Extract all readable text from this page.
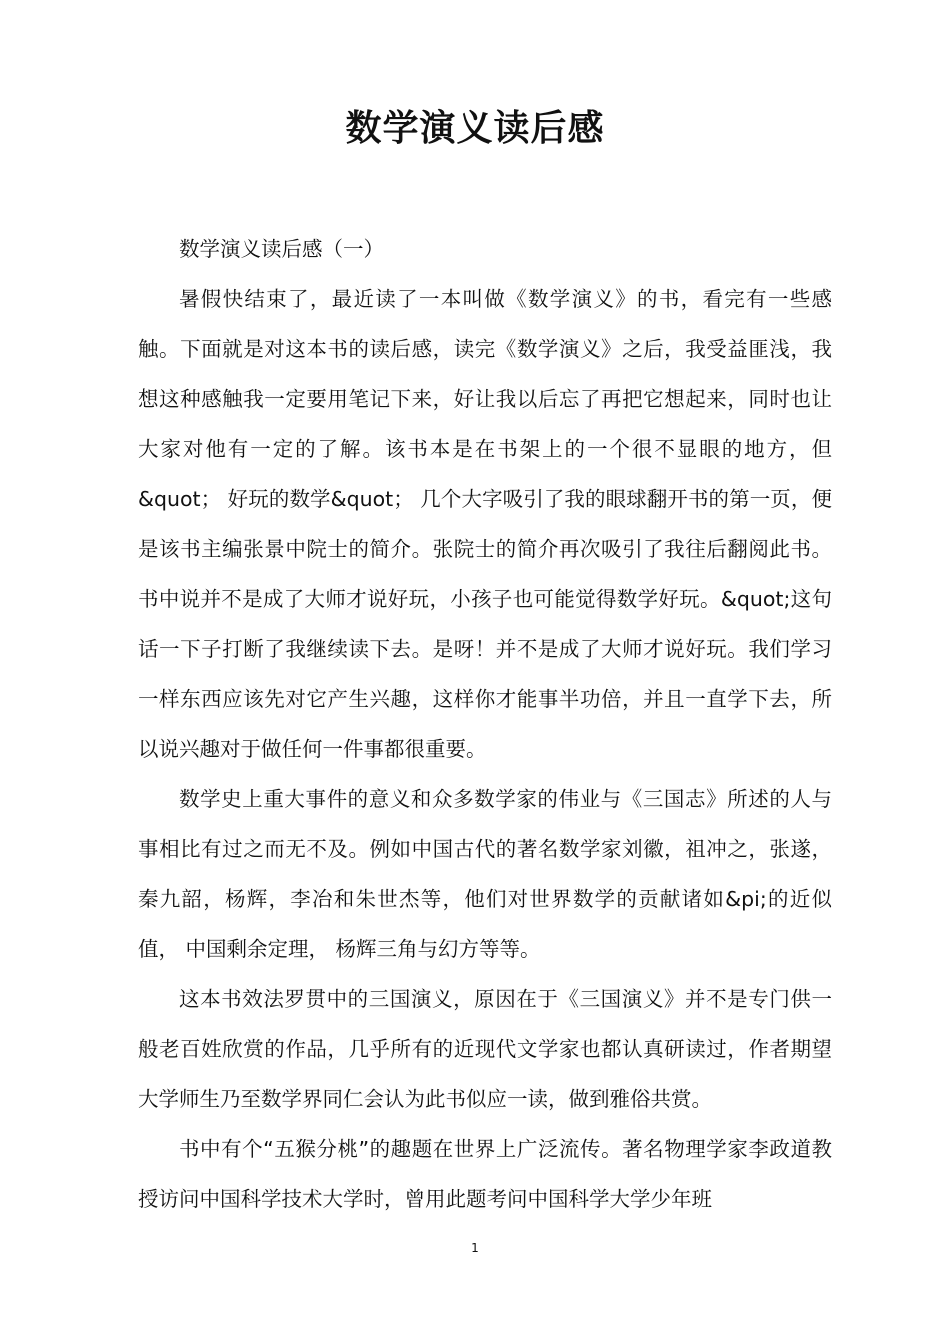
数学演义读后感

数学演义读后感（一）

暑假快结束了，最近读了一本叫做《数学演义》的书，看完有一些感触。下面就是对这本书的读后感，读完《数学演义》之后，我受益匪浅，我想这种感触我一定要用笔记下来，好让我以后忘了再把它想起来，同时也让大家对他有一定的了解。该书本是在书架上的一个很不显眼的地方，但&quot； 好玩的数学&quot； 几个大字吸引了我的眼球翻开书的第一页，便是该书主编张景中院士的简介。张院士的简介再次吸引了我往后翻阅此书。书中说并不是成了大师才说好玩，小孩子也可能觉得数学好玩。&quot;这句话一下子打断了我继续读下去。是呀！并不是成了大师才说好玩。我们学习一样东西应该先对它产生兴趣，这样你才能事半功倍，并且一直学下去，所以说兴趣对于做任何一件事都很重要。

数学史上重大事件的意义和众多数学家的伟业与《三国志》所述的人与事相比有过之而无不及。例如中国古代的著名数学家刘徽，祖冲之，张遂，秦九韶，杨辉，李冶和朱世杰等，他们对世界数学的贡献诸如&pi;的近似值， 中国剩余定理， 杨辉三角与幻方等等。

这本书效法罗贯中的三国演义，原因在于《三国演义》并不是专门供一般老百姓欣赏的作品，几乎所有的近现代文学家也都认真研读过，作者期望大学师生乃至数学界同仁会认为此书似应一读，做到雅俗共赏。

书中有个“五猴分桃”的趣题在世界上广泛流传。著名物理学家李政道教授访问中国科学技术大学时，曾用此题考问中国科学大学少年班

1
